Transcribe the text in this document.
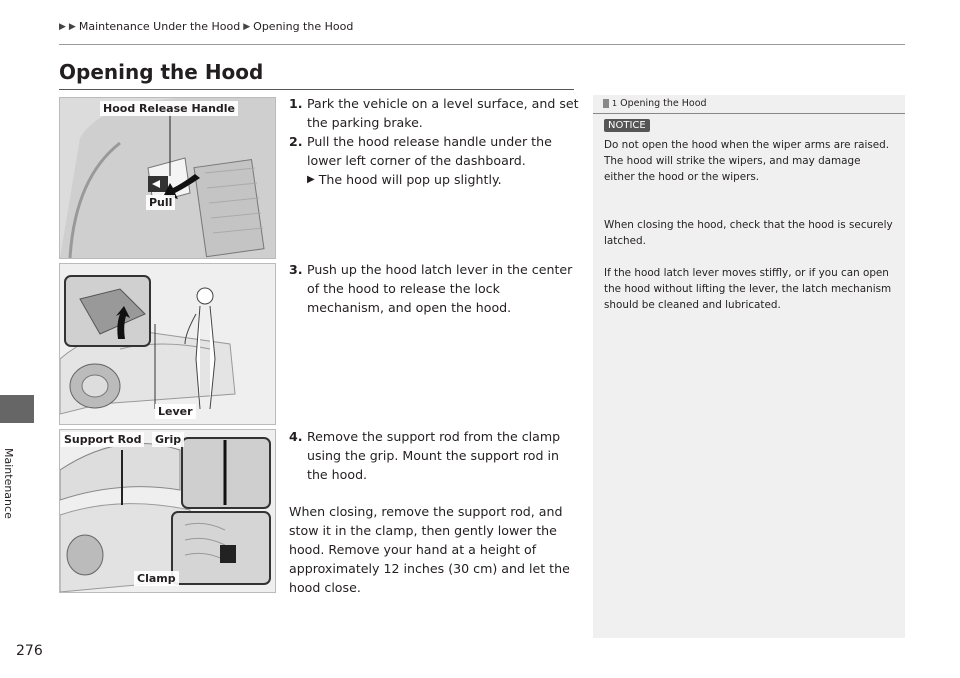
▶ ▶ Maintenance Under the Hood ▶ Opening the Hood
Opening the Hood
Maintenance
276
Hood Release Handle
Pull
Lever
Support Rod Grip
Clamp
1. Park the vehicle on a level surface, and set the parking brake.
2. Pull the hood release handle under the lower left corner of the dashboard.
▶ The hood will pop up slightly.
3. Push up the hood latch lever in the center of the hood to release the lock mechanism, and open the hood.
4. Remove the support rod from the clamp using the grip. Mount the support rod in the hood.

When closing, remove the support rod, and stow it in the clamp, then gently lower the hood. Remove your hand at a height of approximately 12 inches (30 cm) and let the hood close.

1 Opening the Hood
NOTICE

Do not open the hood when the wiper arms are raised. The hood will strike the wipers, and may damage either the hood or the wipers.

When closing the hood, check that the hood is securely latched.

If the hood latch lever moves stiffly, or if you can open the hood without lifting the lever, the latch mechanism should be cleaned and lubricated.
